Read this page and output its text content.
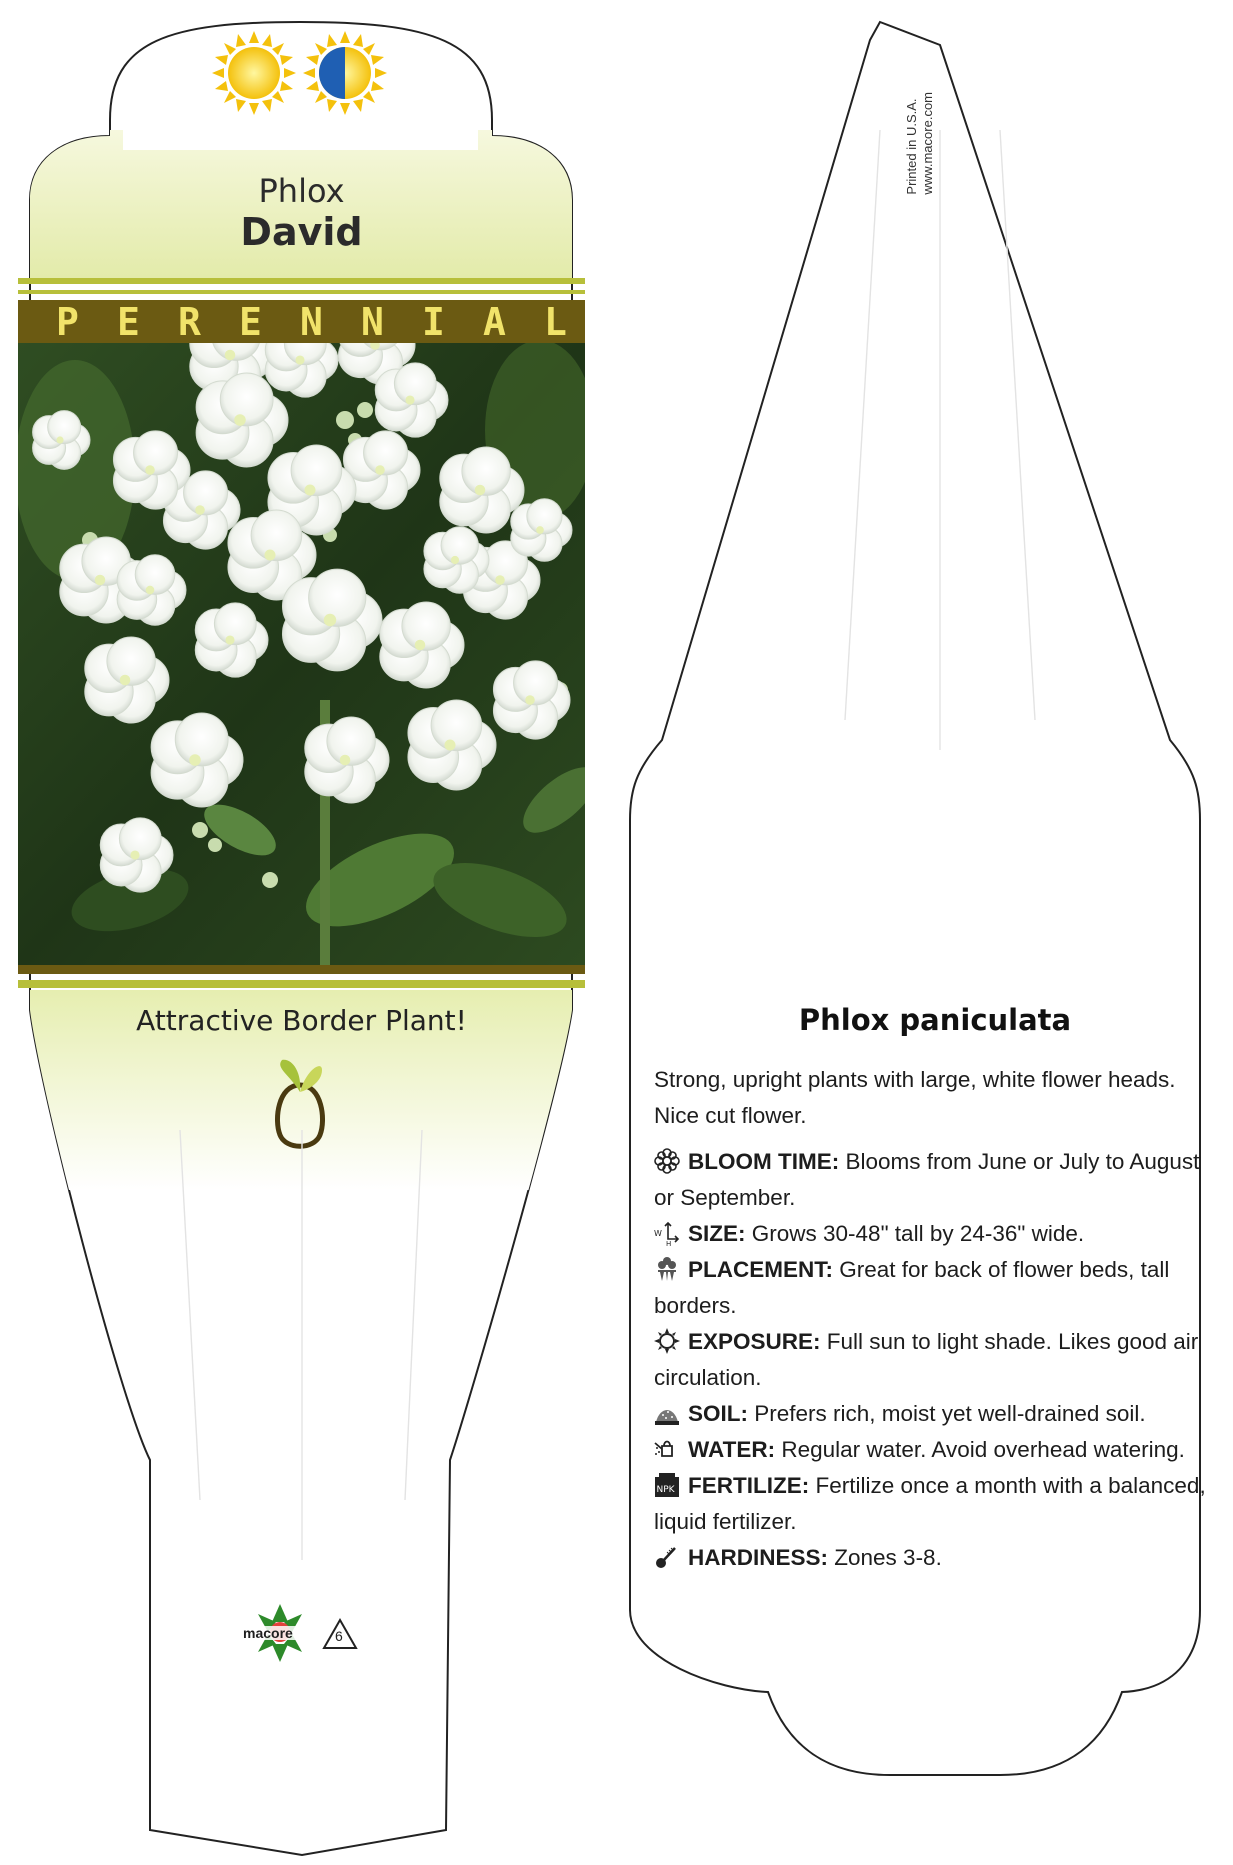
Phlox

David

P E R E N N I A L

Attractive Border Plant!

macore	6

Printed in U.S.A. www.macore.com

Phlox paniculata

Strong, upright plants with large, white flower heads. Nice cut flower.

BLOOM TIME: Blooms from June or July to August or September.

W
H SIZE: Grows 30-48" tall by 24-36" wide.

PLACEMENT: Great for back of flower beds, tall borders.

EXPOSURE: Full sun to light shade. Likes good air circulation.

SOIL: Prefers rich, moist yet well-drained soil.

WATER: Regular water. Avoid overhead watering.

NPK FERTILIZE: Fertilize once a month with a balanced, liquid fertilizer.

HARDINESS: Zones 3-8.
